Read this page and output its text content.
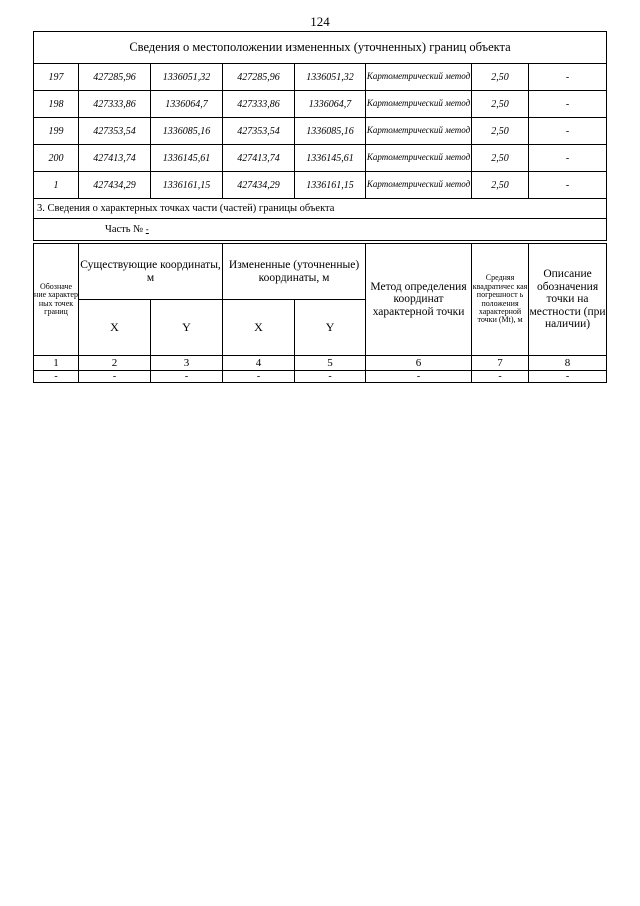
124
Сведения о местоположении измененных (уточненных) границ объекта							
197	427285,96	1336051,32	427285,96	1336051,32	Картометрический метод	2,50	-
198	427333,86	1336064,7	427333,86	1336064,7	Картометрический метод	2,50	-
199	427353,54	1336085,16	427353,54	1336085,16	Картометрический метод	2,50	-
200	427413,74	1336145,61	427413,74	1336145,61	Картометрический метод	2,50	-
1	427434,29	1336161,15	427434,29	1336161,15	Картометрический метод	2,50	-
3. Сведения о характерных точках части (частей) границы объекта							
Часть № -							
Обозначе ние характер ных точек границ	Существующие координаты, м		Измененные (уточненные) координаты, м		Метод определения координат характерной точки	Средняя квадратичес кая погрешност ь положения характерной точки (Mt), м	Описание обозначения точки на местности (при наличии)
	X	Y	X	Y			
1	2	3	4	5	6	7	8
-	-	-	-	-	-	-	-
